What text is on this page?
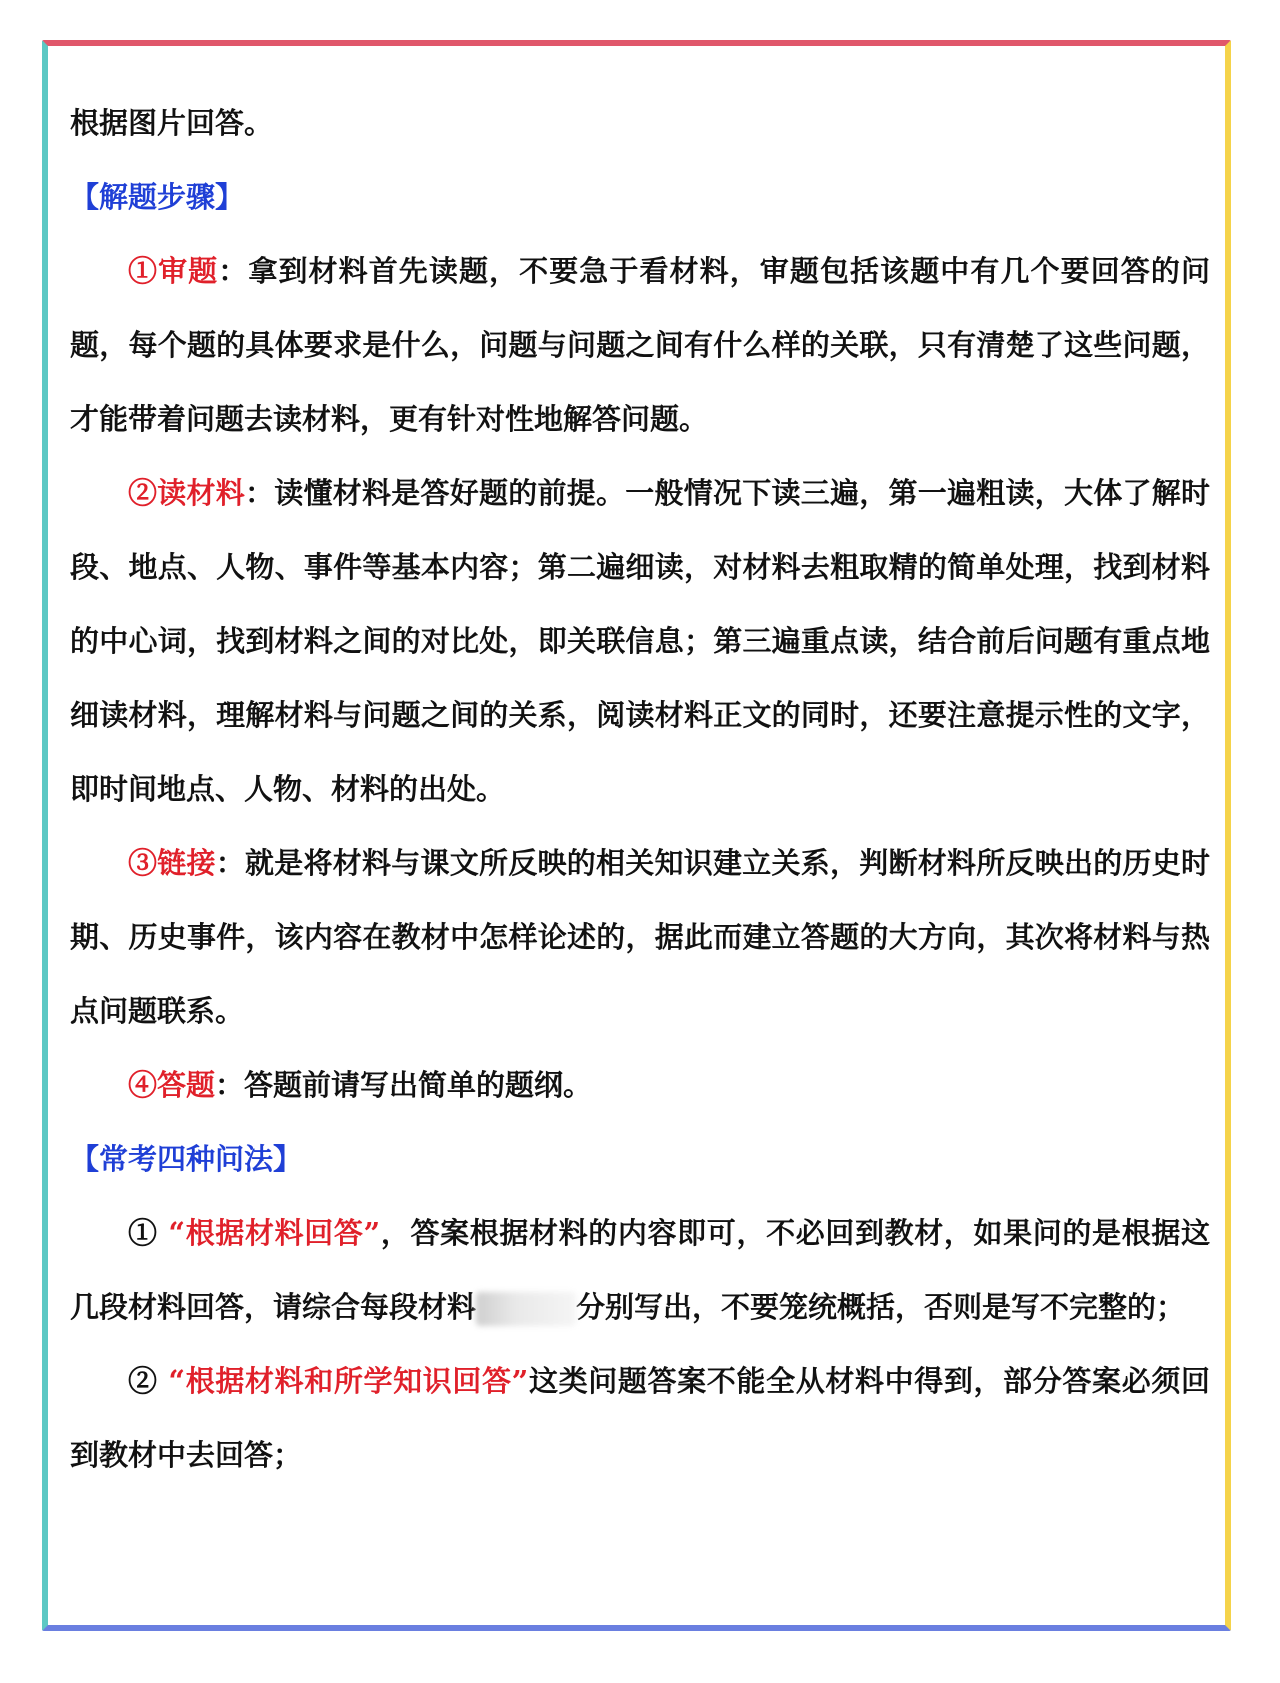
根据图片回答。

【解题步骤】

①审题：拿到材料首先读题，不要急于看材料，审题包括该题中有几个要回答的问题，每个题的具体要求是什么，问题与问题之间有什么样的关联，只有清楚了这些问题，才能带着问题去读材料，更有针对性地解答问题。

②读材料：读懂材料是答好题的前提。一般情况下读三遍，第一遍粗读，大体了解时段、地点、人物、事件等基本内容；第二遍细读，对材料去粗取精的简单处理，找到材料的中心词，找到材料之间的对比处，即关联信息；第三遍重点读，结合前后问题有重点地细读材料，理解材料与问题之间的关系，阅读材料正文的同时，还要注意提示性的文字，即时间地点、人物、材料的出处。

③链接：就是将材料与课文所反映的相关知识建立关系，判断材料所反映出的历史时期、历史事件，该内容在教材中怎样论述的，据此而建立答题的大方向，其次将材料与热点问题联系。

④答题：答题前请写出简单的题纲。

【常考四种问法】

① “根据材料回答”，答案根据材料的内容即可，不必回到教材，如果问的是根据这几段材料回答，请综合每段材料	分别写出，不要笼统概括，否则是写不完整的；

② “根据材料和所学知识回答”这类问题答案不能全从材料中得到，部分答案必须回到教材中去回答；
